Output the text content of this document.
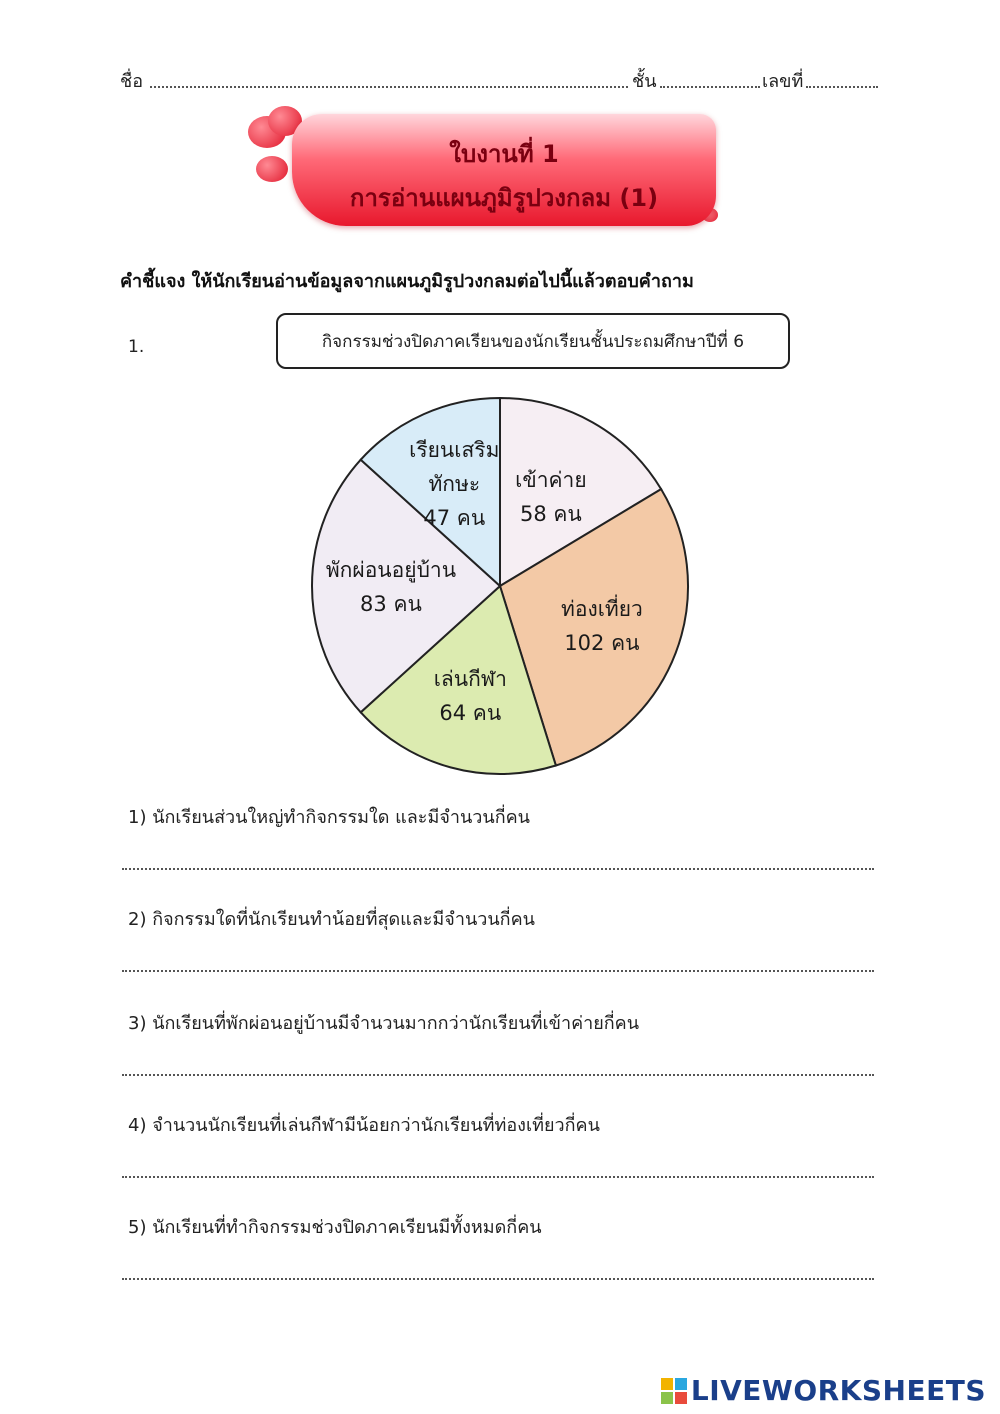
ชื่อ	ชั้น	เลขที่
ใบงานที่ 1
การอ่านแผนภูมิรูปวงกลม (1)
คำชี้แจง ให้นักเรียนอ่านข้อมูลจากแผนภูมิรูปวงกลมต่อไปนี้แล้วตอบคำถาม
1.	กิจกรรมช่วงปิดภาคเรียนของนักเรียนชั้นประถมศึกษาปีที่ 6
เข้าค่าย
58 คน
ท่องเที่ยว
102 คน
เล่นกีฬา
64 คน
พักผ่อนอยู่บ้าน
83 คน
เรียนเสริม
ทักษะ
47 คน
1) นักเรียนส่วนใหญ่ทำกิจกรรมใด และมีจำนวนกี่คน
2) กิจกรรมใดที่นักเรียนทำน้อยที่สุดและมีจำนวนกี่คน
3) นักเรียนที่พักผ่อนอยู่บ้านมีจำนวนมากกว่านักเรียนที่เข้าค่ายกี่คน
4) จำนวนนักเรียนที่เล่นกีฬามีน้อยกว่านักเรียนที่ท่องเที่ยวกี่คน
5) นักเรียนที่ทำกิจกรรมช่วงปิดภาคเรียนมีทั้งหมดกี่คน
LIVEWORKSHEETS
